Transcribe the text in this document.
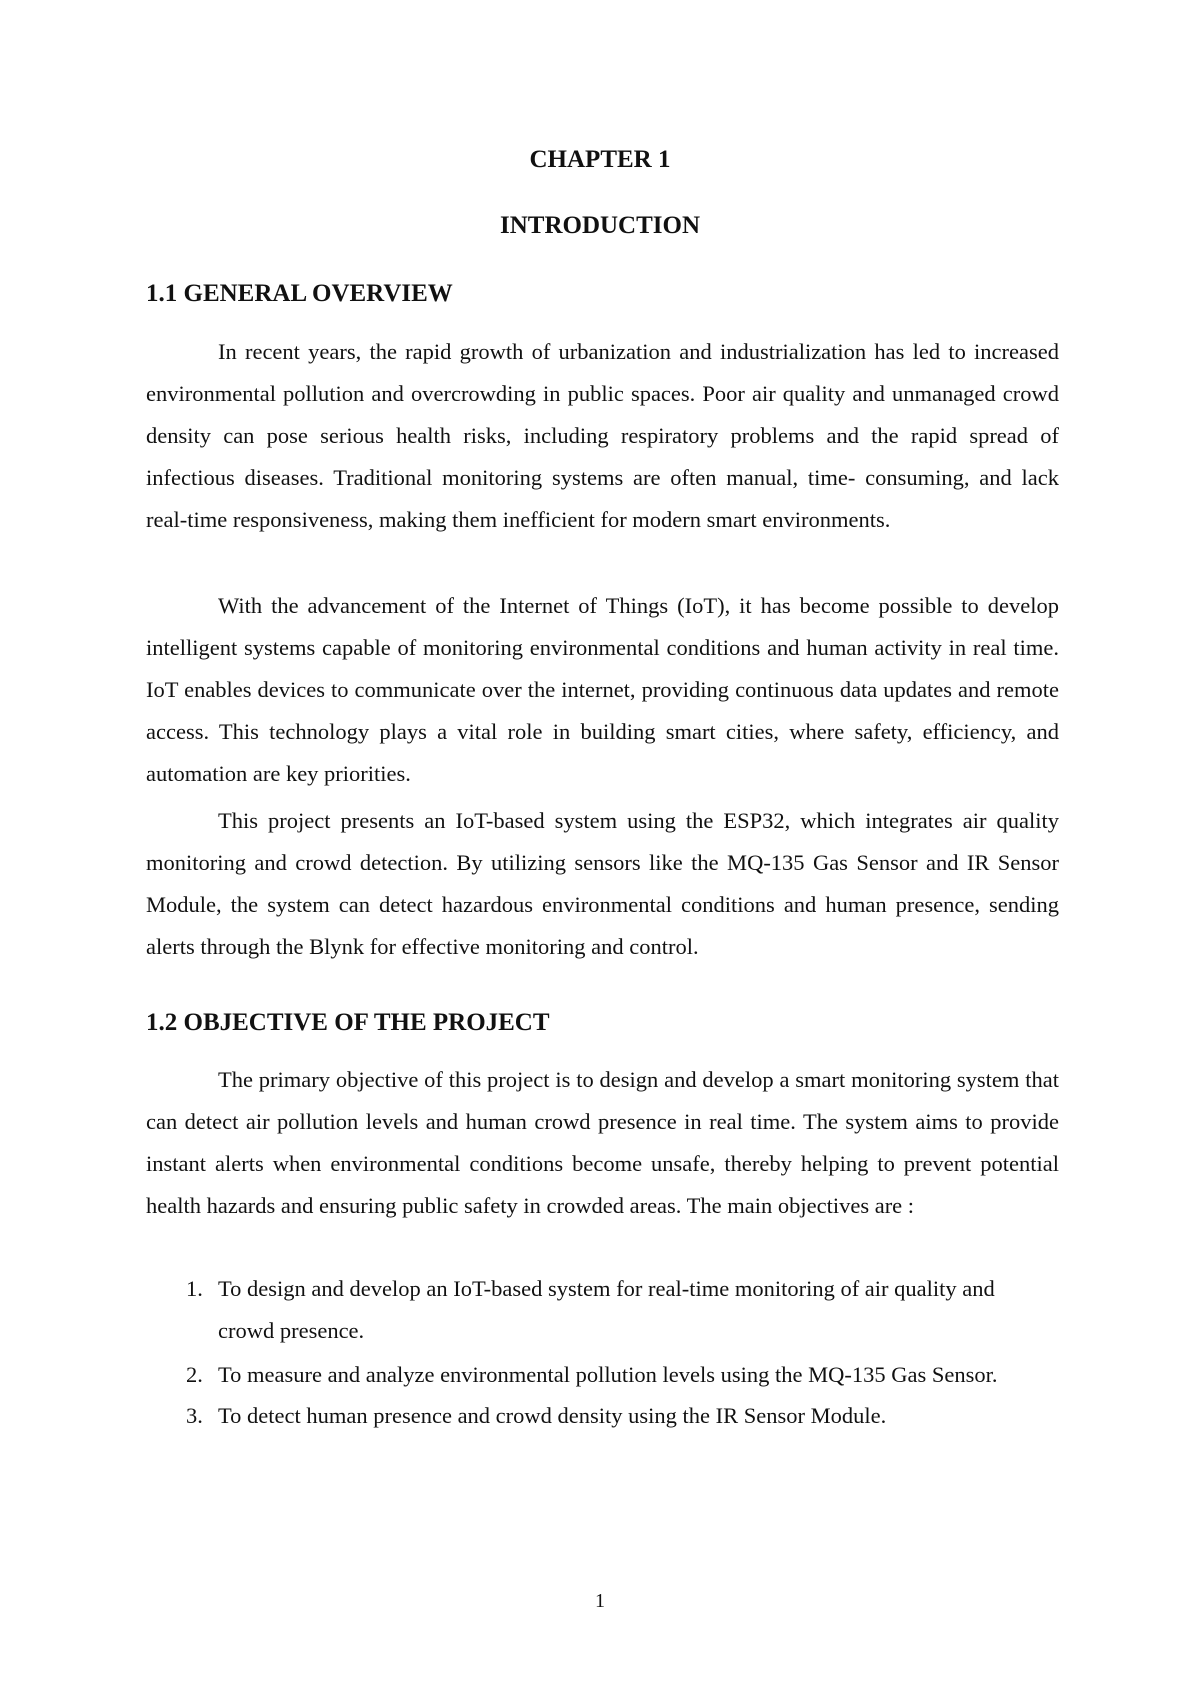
CHAPTER 1
INTRODUCTION
1.1 GENERAL OVERVIEW

In recent years, the rapid growth of urbanization and industrialization has led to increased environmental pollution and overcrowding in public spaces. Poor air quality and unmanaged crowd density can pose serious health risks, including respiratory problems and the rapid spread of infectious diseases. Traditional monitoring systems are often manual, time- consuming, and lack real-time responsiveness, making them inefficient for modern smart environments.

With the advancement of the Internet of Things (IoT), it has become possible to develop intelligent systems capable of monitoring environmental conditions and human activity in real time. IoT enables devices to communicate over the internet, providing continuous data updates and remote access. This technology plays a vital role in building smart cities, where safety, efficiency, and automation are key priorities.

This project presents an IoT-based system using the ESP32, which integrates air quality monitoring and crowd detection. By utilizing sensors like the MQ-135 Gas Sensor and IR Sensor Module, the system can detect hazardous environmental conditions and human presence, sending alerts through the Blynk for effective monitoring and control.

1.2 OBJECTIVE OF THE PROJECT

The primary objective of this project is to design and develop a smart monitoring system that can detect air pollution levels and human crowd presence in real time. The system aims to provide instant alerts when environmental conditions become unsafe, thereby helping to prevent potential health hazards and ensuring public safety in crowded areas. The main objectives are :

1. To design and develop an IoT-based system for real-time monitoring of air quality and crowd presence.
2. To measure and analyze environmental pollution levels using the MQ-135 Gas Sensor.
3. To detect human presence and crowd density using the IR Sensor Module.
1
